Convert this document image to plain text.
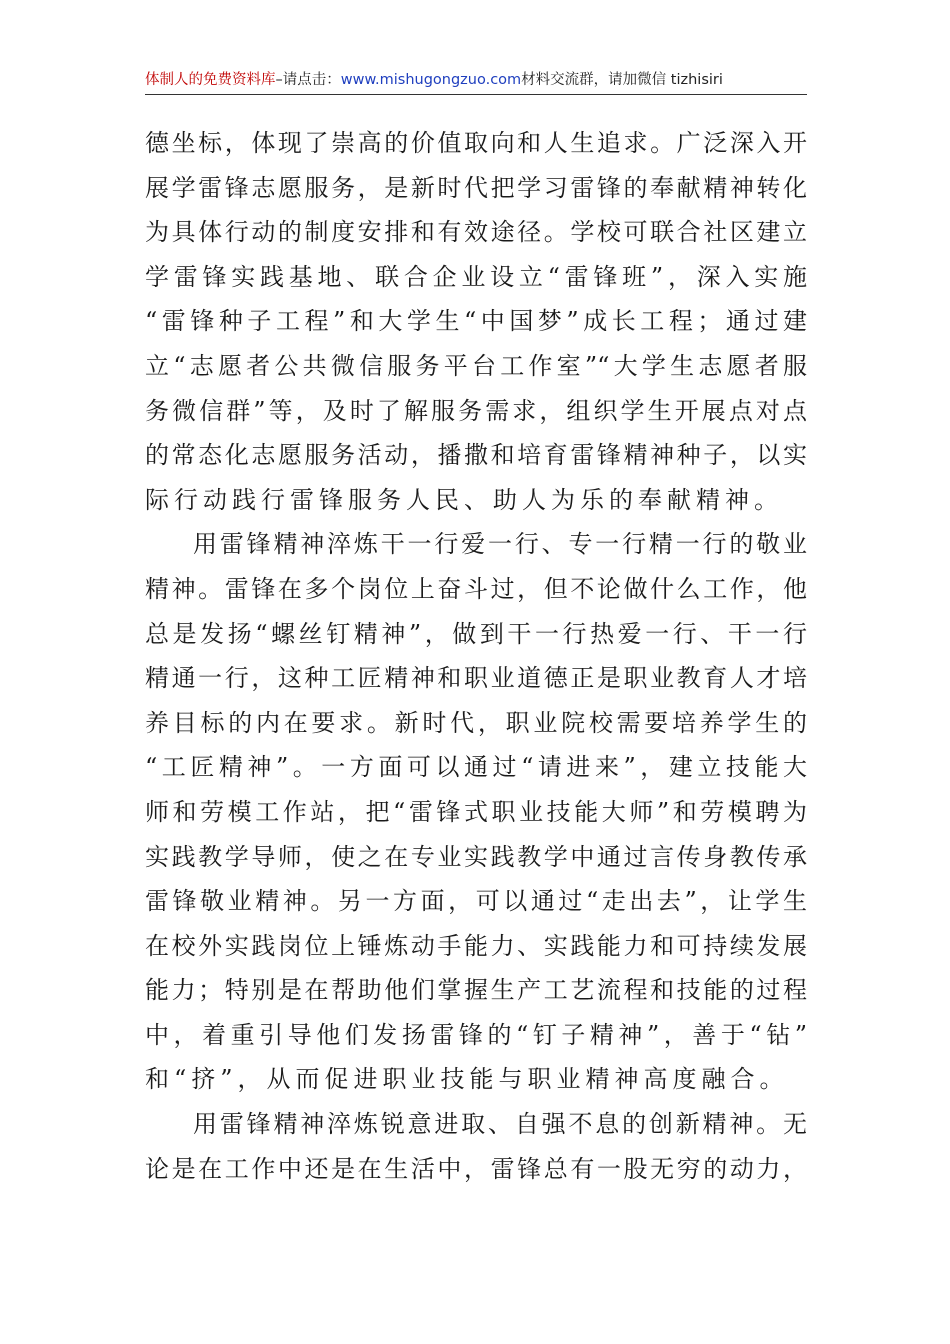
体制人的免费资料库–请点击：www.mishugongzuo.com材料交流群，请加微信 tizhisiri
德坐标，体现了崇高的价值取向和人生追求。广泛深入开
展学雷锋志愿服务，是新时代把学习雷锋的奉献精神转化
为具体行动的制度安排和有效途径。学校可联合社区建立
学雷锋实践基地、联合企业设立“雷锋班”，深入实施
“雷锋种子工程”和大学生“中国梦”成长工程；通过建
立“志愿者公共微信服务平台工作室”“大学生志愿者服
务微信群”等，及时了解服务需求，组织学生开展点对点
的常态化志愿服务活动，播撒和培育雷锋精神种子，以实
际行动践行雷锋服务人民、助人为乐的奉献精神。
用雷锋精神淬炼干一行爱一行、专一行精一行的敬业
精神。雷锋在多个岗位上奋斗过，但不论做什么工作，他
总是发扬“螺丝钉精神”，做到干一行热爱一行、干一行
精通一行，这种工匠精神和职业道德正是职业教育人才培
养目标的内在要求。新时代，职业院校需要培养学生的
“工匠精神”。一方面可以通过“请进来”，建立技能大
师和劳模工作站，把“雷锋式职业技能大师”和劳模聘为
实践教学导师，使之在专业实践教学中通过言传身教传承
雷锋敬业精神。另一方面，可以通过“走出去”，让学生
在校外实践岗位上锤炼动手能力、实践能力和可持续发展
能力；特别是在帮助他们掌握生产工艺流程和技能的过程
中，着重引导他们发扬雷锋的“钉子精神”，善于“钻”
和“挤”，从而促进职业技能与职业精神高度融合。
用雷锋精神淬炼锐意进取、自强不息的创新精神。无
论是在工作中还是在生活中，雷锋总有一股无穷的动力，
